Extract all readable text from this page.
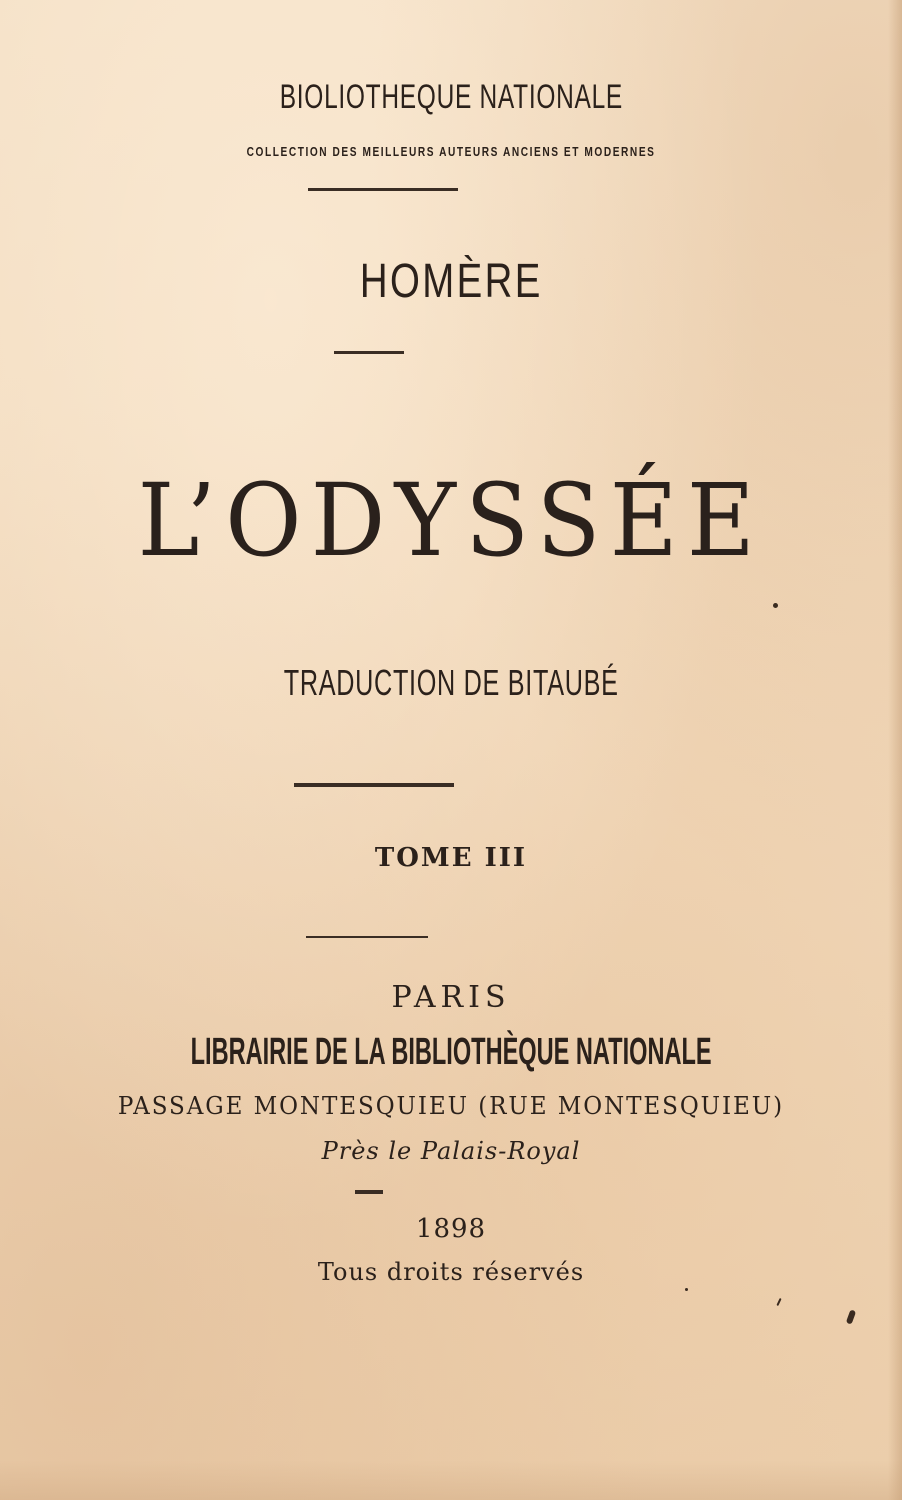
BIOLIOTHEQUE NATIONALE
COLLECTION DES MEILLEURS AUTEURS ANCIENS ET MODERNES
HOMÈRE
L’ODYSSÉE
TRADUCTION DE BITAUBÉ
TOME III
PARIS
LIBRAIRIE DE LA BIBLIOTHÈQUE NATIONALE
PASSAGE MONTESQUIEU (RUE MONTESQUIEU)
Près le Palais-Royal
1898
Tous droits réservés
